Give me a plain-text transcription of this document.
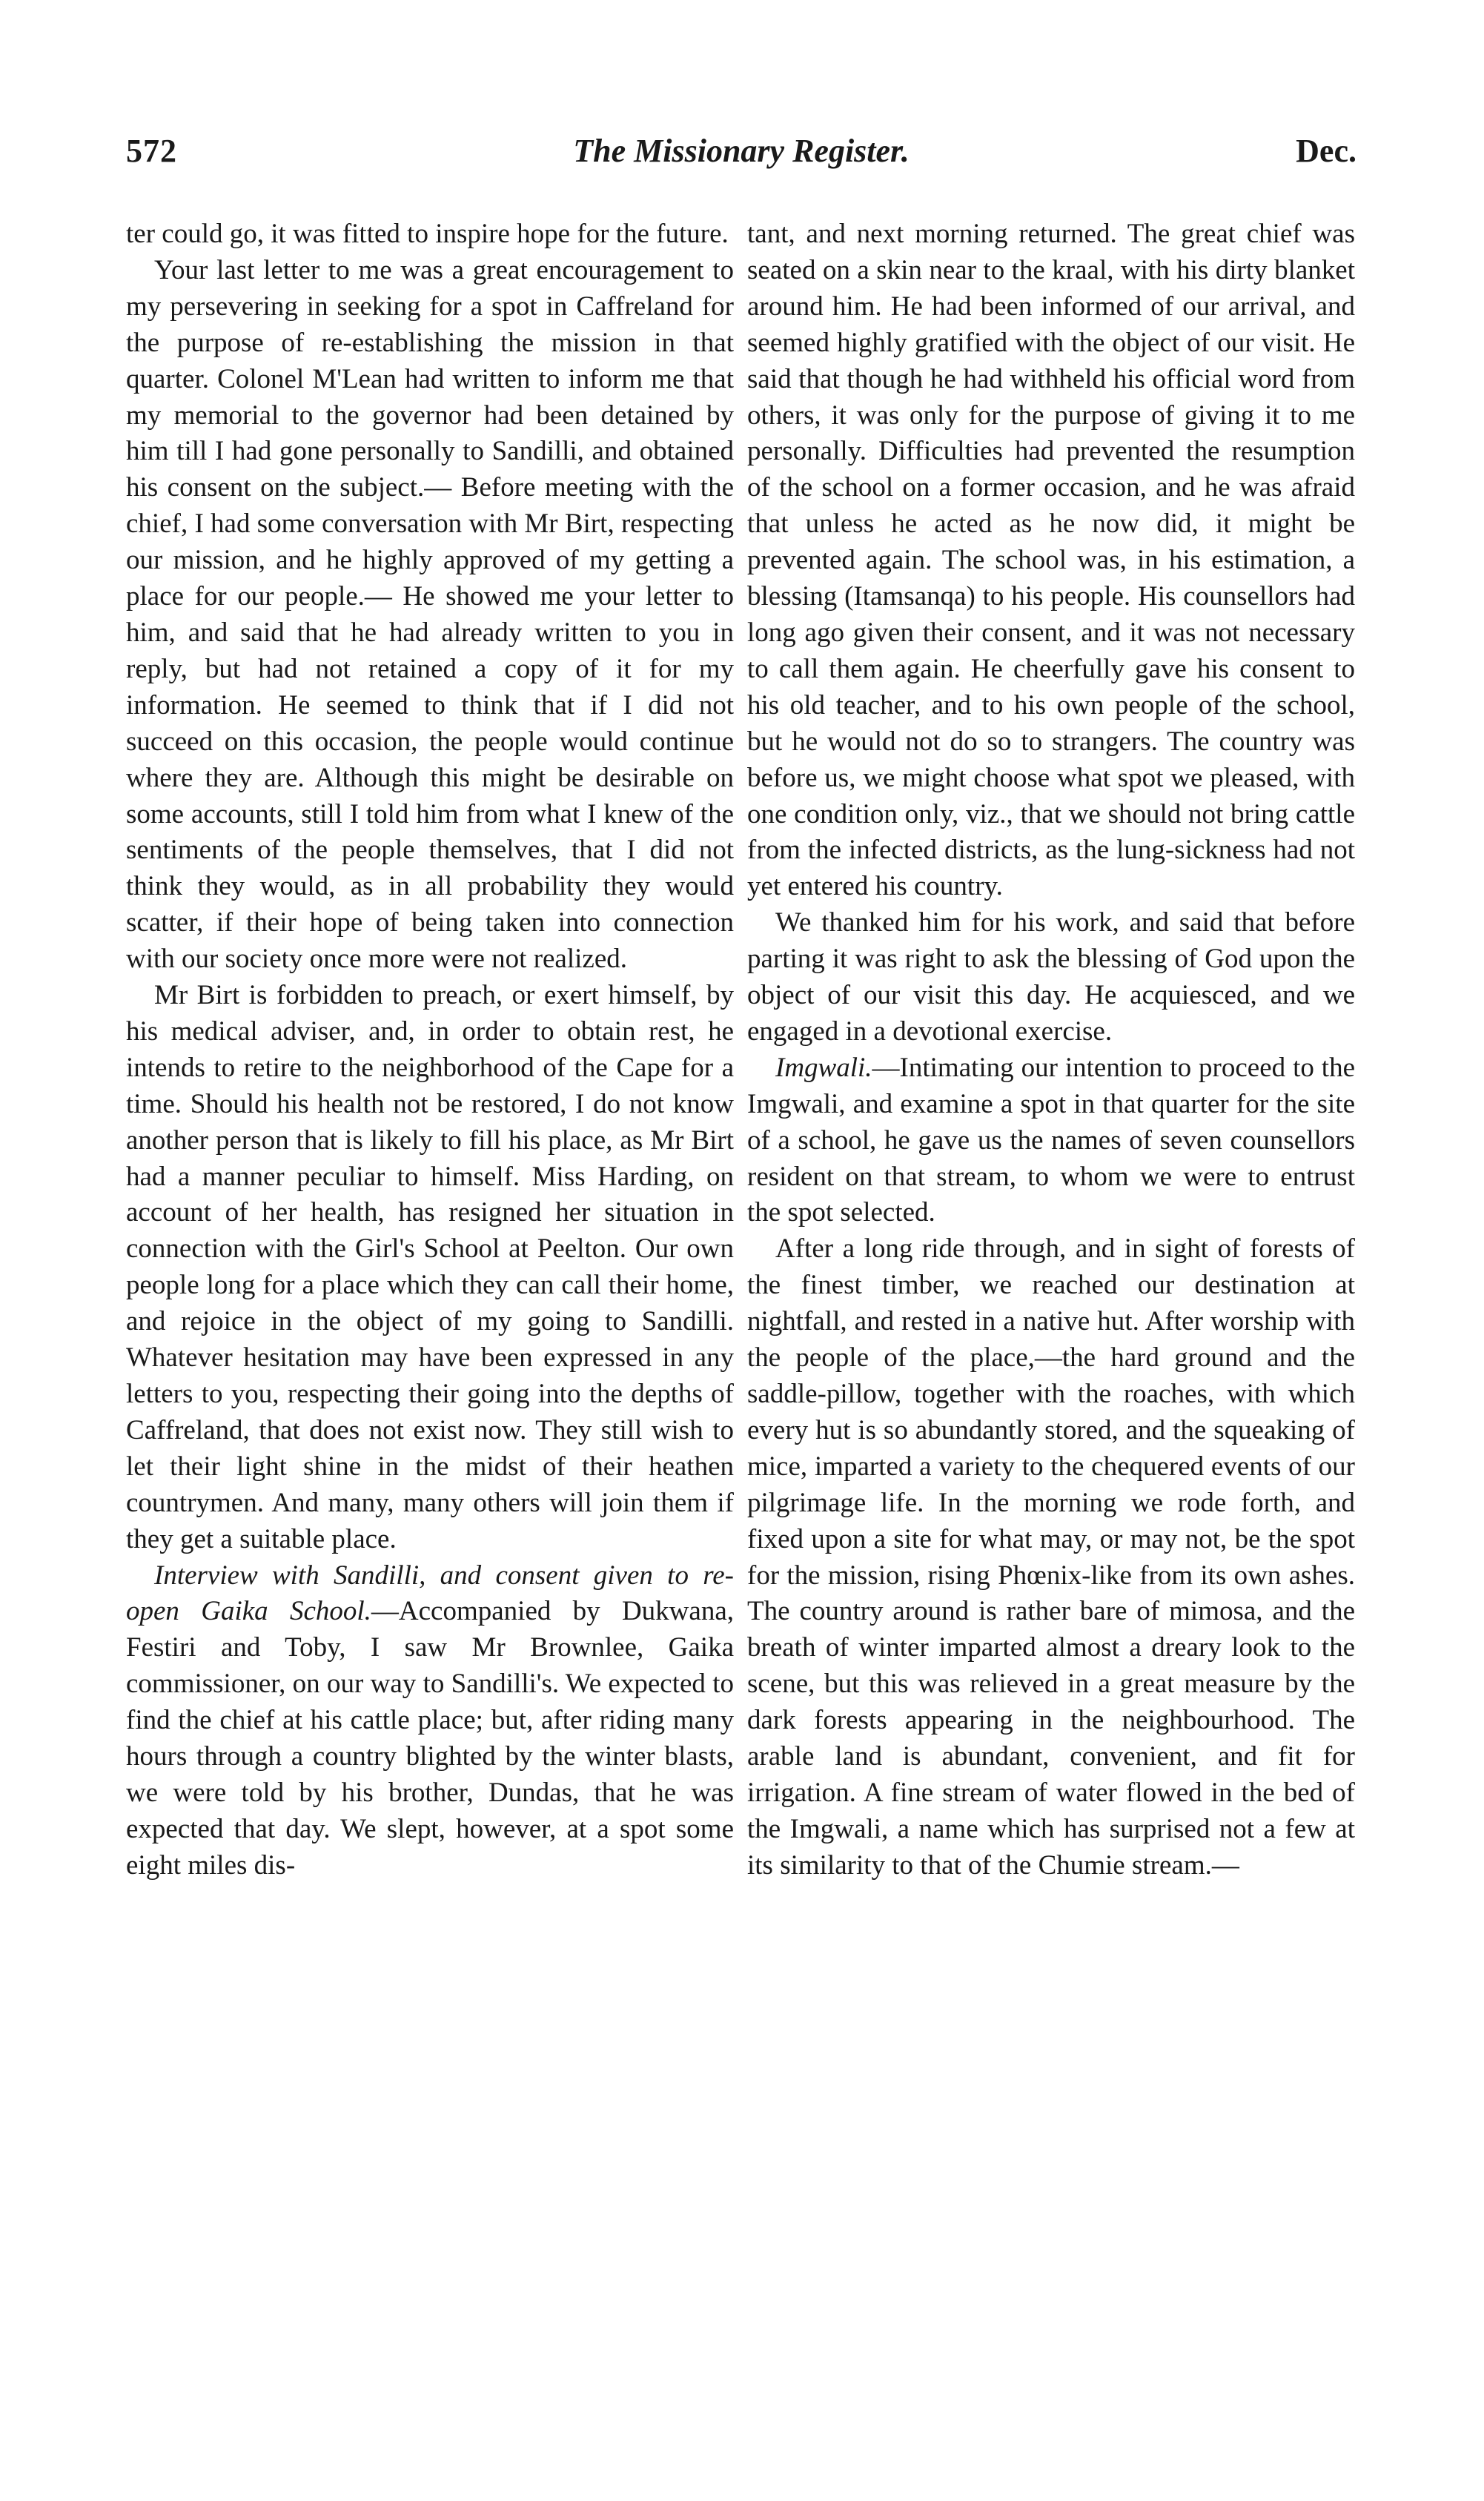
572	The Missionary Register.	Dec.

ter could go, it was fitted to inspire hope for the future.

Your last letter to me was a great encouragement to my persevering in seeking for a spot in Caffreland for the purpose of re-establishing the mission in that quarter. Colonel M'Lean had written to inform me that my memorial to the governor had been detained by him till I had gone personally to Sandilli, and obtained his consent on the subject.— Before meeting with the chief, I had some conversation with Mr Birt, respecting our mission, and he highly approved of my getting a place for our people.— He showed me your letter to him, and said that he had already written to you in reply, but had not retained a copy of it for my information. He seemed to think that if I did not succeed on this occasion, the people would continue where they are. Although this might be desirable on some accounts, still I told him from what I knew of the sentiments of the people themselves, that I did not think they would, as in all probability they would scatter, if their hope of being taken into connection with our society once more were not realized.

Mr Birt is forbidden to preach, or exert himself, by his medical adviser, and, in order to obtain rest, he intends to retire to the neighborhood of the Cape for a time. Should his health not be restored, I do not know another person that is likely to fill his place, as Mr Birt had a manner peculiar to himself. Miss Harding, on account of her health, has resigned her situation in connection with the Girl's School at Peelton. Our own people long for a place which they can call their home, and rejoice in the object of my going to Sandilli. Whatever hesitation may have been expressed in any letters to you, respecting their going into the depths of Caffreland, that does not exist now. They still wish to let their light shine in the midst of their heathen countrymen. And many, many others will join them if they get a suitable place.

Interview with Sandilli, and consent given to re-open Gaika School.—Accompanied by Dukwana, Festiri and Toby, I saw Mr Brownlee, Gaika commissioner, on our way to Sandilli's. We expected to find the chief at his cattle place; but, after riding many hours through a country blighted by the winter blasts, we were told by his brother, Dundas, that he was expected that day. We slept, however, at a spot some eight miles dis-

tant, and next morning returned. The great chief was seated on a skin near to the kraal, with his dirty blanket around him. He had been informed of our arrival, and seemed highly gratified with the object of our visit. He said that though he had withheld his official word from others, it was only for the purpose of giving it to me personally. Difficulties had prevented the resumption of the school on a former occasion, and he was afraid that unless he acted as he now did, it might be prevented again. The school was, in his estimation, a blessing (Itamsanqa) to his people. His counsellors had long ago given their consent, and it was not necessary to call them again. He cheerfully gave his consent to his old teacher, and to his own people of the school, but he would not do so to strangers. The country was before us, we might choose what spot we pleased, with one condition only, viz., that we should not bring cattle from the infected districts, as the lung-sickness had not yet entered his country.

We thanked him for his work, and said that before parting it was right to ask the blessing of God upon the object of our visit this day. He acquiesced, and we engaged in a devotional exercise.

Imgwali.—Intimating our intention to proceed to the Imgwali, and examine a spot in that quarter for the site of a school, he gave us the names of seven counsellors resident on that stream, to whom we were to entrust the spot selected.

After a long ride through, and in sight of forests of the finest timber, we reached our destination at nightfall, and rested in a native hut. After worship with the people of the place,—the hard ground and the saddle-pillow, together with the roaches, with which every hut is so abundantly stored, and the squeaking of mice, imparted a variety to the chequered events of our pilgrimage life. In the morning we rode forth, and fixed upon a site for what may, or may not, be the spot for the mission, rising Phœnix-like from its own ashes. The country around is rather bare of mimosa, and the breath of winter imparted almost a dreary look to the scene, but this was relieved in a great measure by the dark forests appearing in the neighbourhood. The arable land is abundant, convenient, and fit for irrigation. A fine stream of water flowed in the bed of the Imgwali, a name which has surprised not a few at its similarity to that of the Chumie stream.—
